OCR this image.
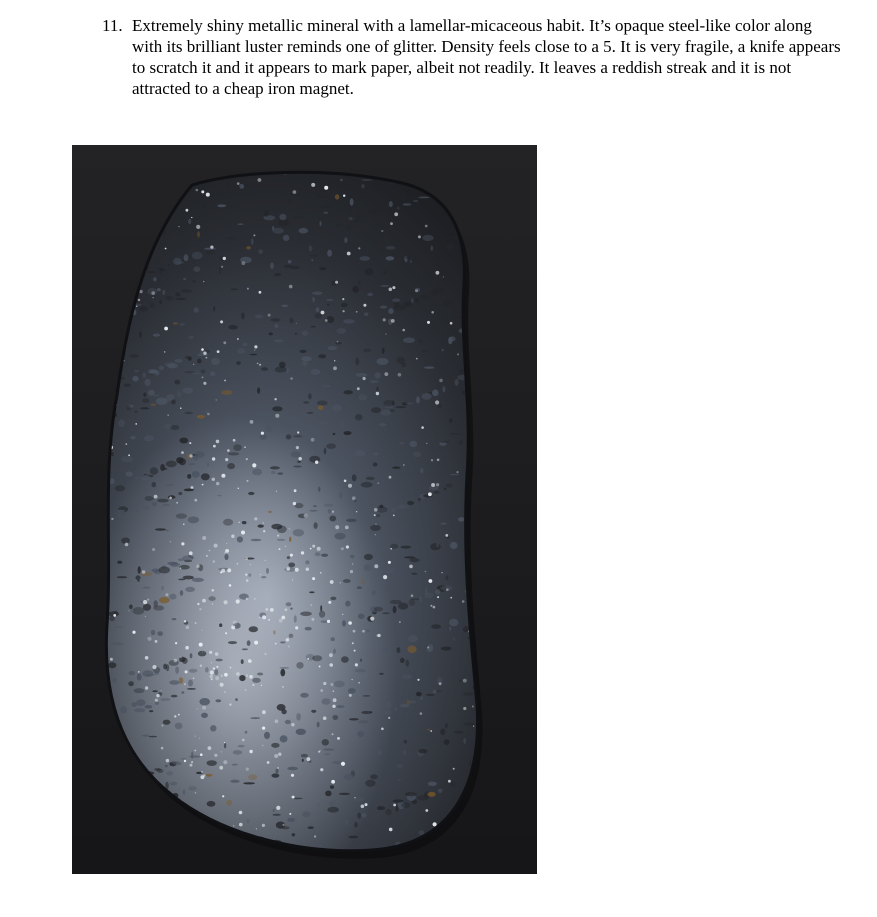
11. Extremely shiny metallic mineral with a lamellar-micaceous habit. It’s opaque steel-like color along with its brilliant luster reminds one of glitter. Density feels close to a 5. It is very fragile, a knife appears to scratch it and it appears to mark paper, albeit not readily. It leaves a reddish streak and it is not attracted to a cheap iron magnet.
